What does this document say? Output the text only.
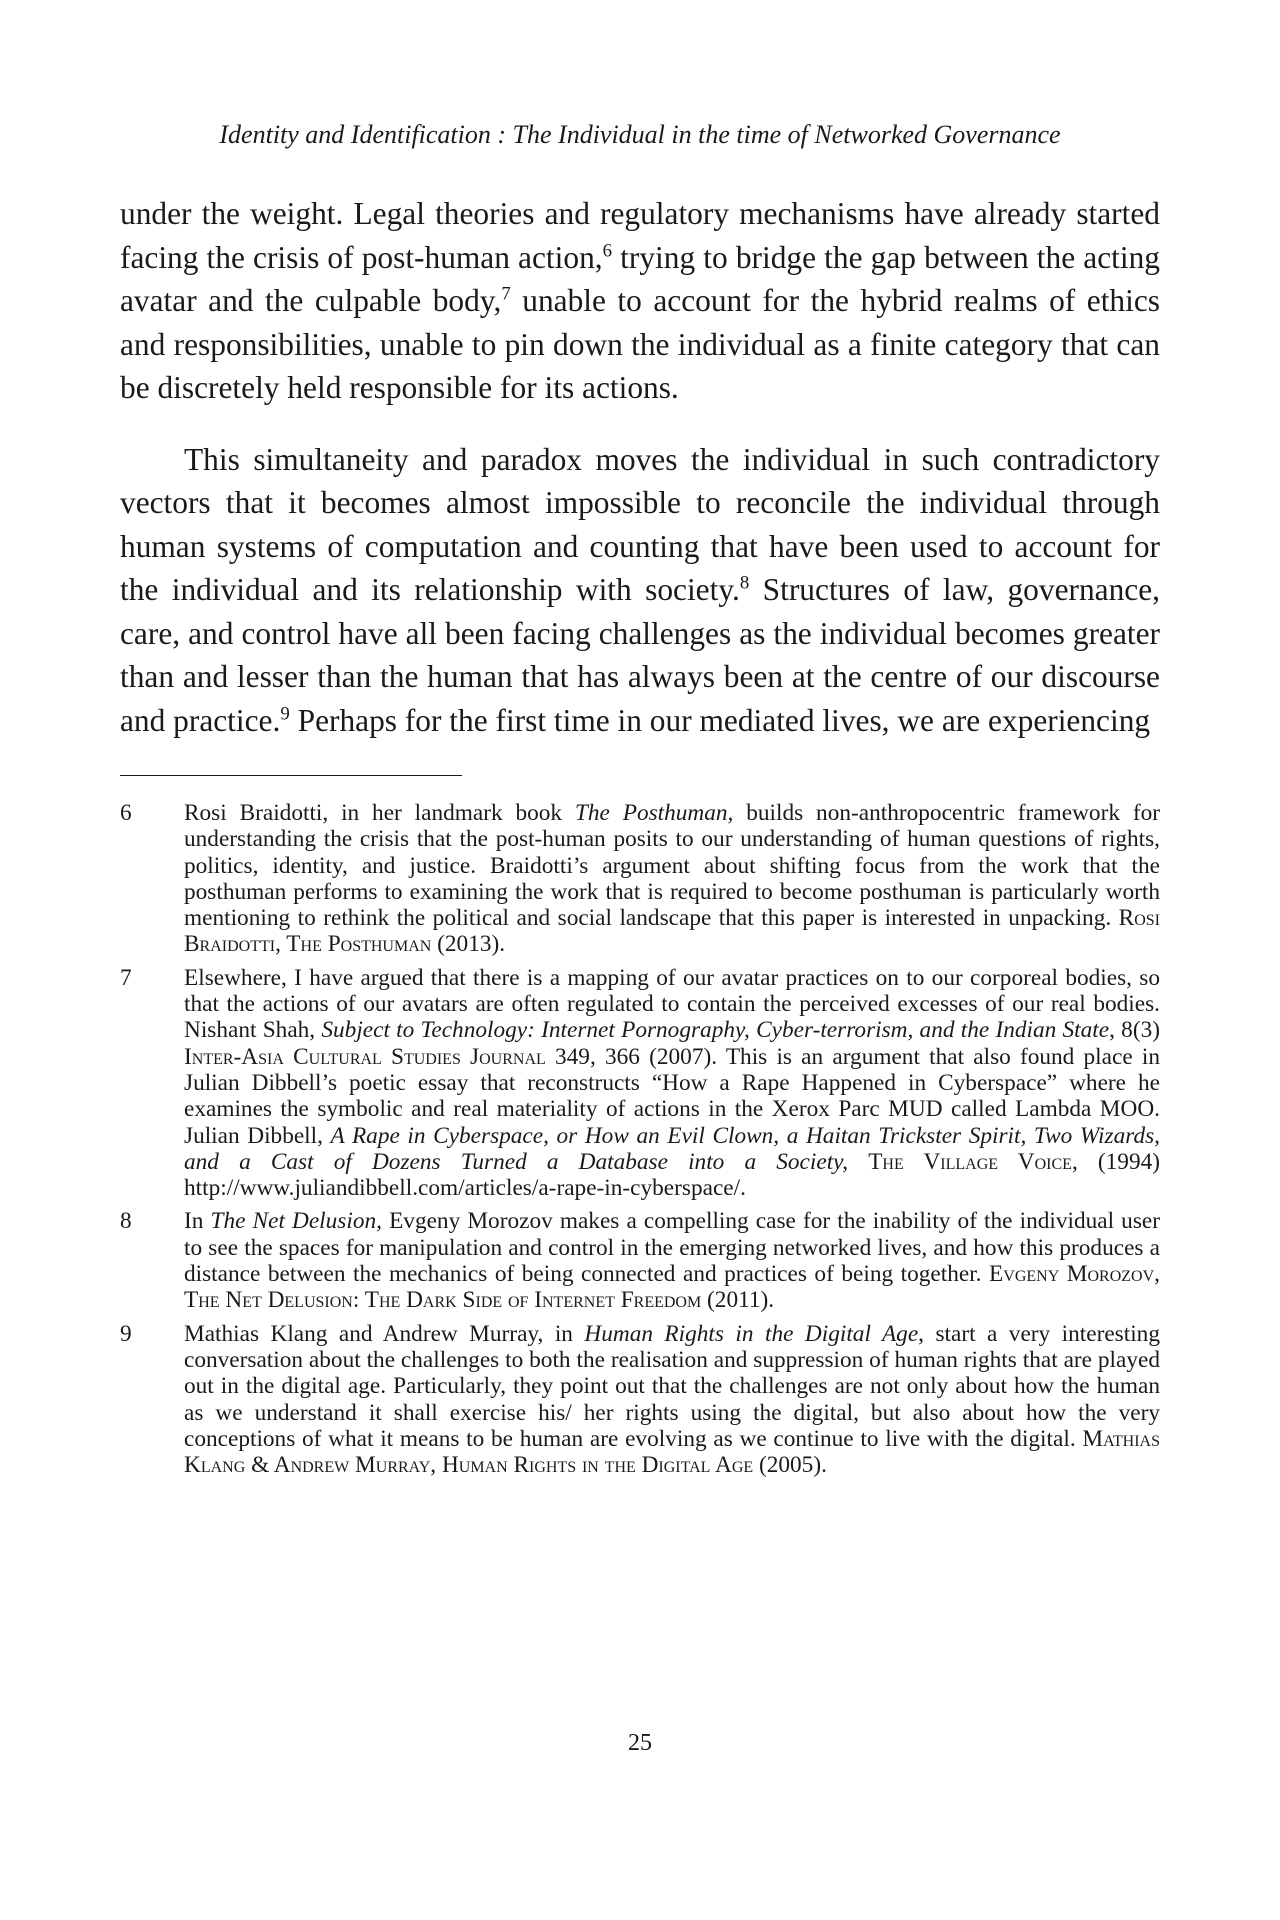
Identity and Identification : The Individual in the time of Networked Governance

under the weight. Legal theories and regulatory mechanisms have already started facing the crisis of post-human action,$^6$ trying to bridge the gap between the acting avatar and the culpable body,$^7$ unable to account for the hybrid realms of ethics and responsibilities, unable to pin down the individual as a finite category that can be discretely held responsible for its actions.

This simultaneity and paradox moves the individual in such contradictory vectors that it becomes almost impossible to reconcile the individual through human systems of computation and counting that have been used to account for the individual and its relationship with society.$^8$ Structures of law, governance, care, and control have all been facing challenges as the individual becomes greater than and lesser than the human that has always been at the centre of our discourse and practice.$^9$ Perhaps for the first time in our mediated lives, we are experiencing

6	Rosi Braidotti, in her landmark book The Posthuman, builds non-anthropocentric framework for understanding the crisis that the post-human posits to our understanding of human questions of rights, politics, identity, and justice. Braidotti’s argument about shifting focus from the work that the posthuman performs to examining the work that is required to become posthuman is particularly worth mentioning to rethink the political and social landscape that this paper is interested in unpacking. Rosi Braidotti, The Posthuman (2013).
7	Elsewhere, I have argued that there is a mapping of our avatar practices on to our corporeal bodies, so that the actions of our avatars are often regulated to contain the perceived excesses of our real bodies. Nishant Shah, Subject to Technology: Internet Pornography, Cyber-terrorism, and the Indian State, 8(3) Inter-Asia Cultural Studies Journal 349, 366 (2007). This is an argument that also found place in Julian Dibbell’s poetic essay that reconstructs “How a Rape Happened in Cyberspace” where he examines the symbolic and real materiality of actions in the Xerox Parc MUD called Lambda MOO. Julian Dibbell, A Rape in Cyberspace, or How an Evil Clown, a Haitan Trickster Spirit, Two Wizards, and a Cast of Dozens Turned a Database into a Society, The Village Voice, (1994) http://www.juliandibbell.com/articles/a-rape-in-cyberspace/.
8	In The Net Delusion, Evgeny Morozov makes a compelling case for the inability of the individual user to see the spaces for manipulation and control in the emerging networked lives, and how this produces a distance between the mechanics of being connected and practices of being together. Evgeny Morozov, The Net Delusion: The Dark Side of Internet Freedom (2011).
9	Mathias Klang and Andrew Murray, in Human Rights in the Digital Age, start a very interesting conversation about the challenges to both the realisation and suppression of human rights that are played out in the digital age. Particularly, they point out that the challenges are not only about how the human as we understand it shall exercise his/ her rights using the digital, but also about how the very conceptions of what it means to be human are evolving as we continue to live with the digital. Mathias Klang & Andrew Murray, Human Rights in the Digital Age (2005).
25
